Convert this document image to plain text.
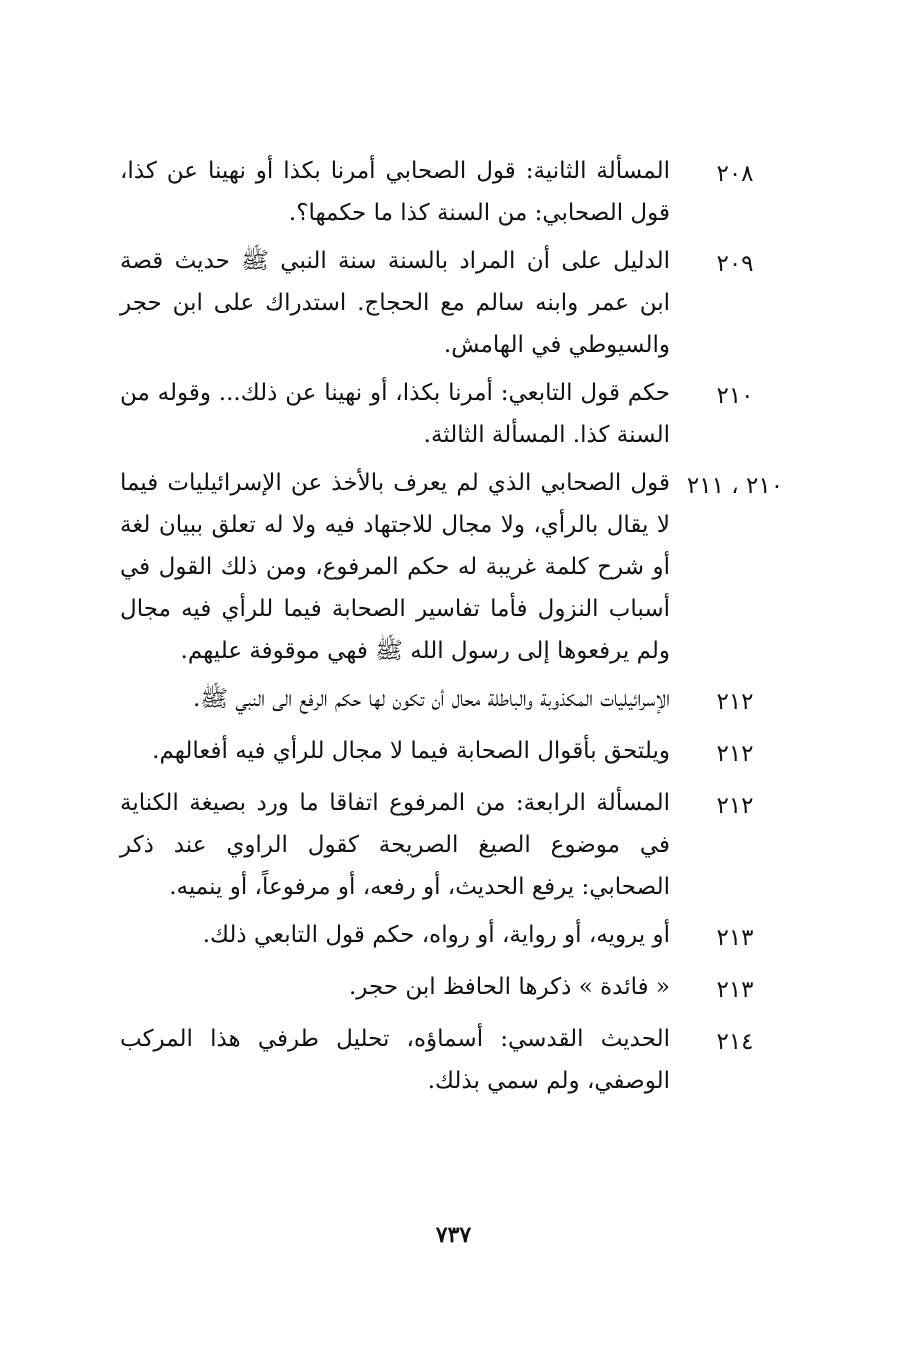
٢٠٨
المسألة الثانية: قول الصحابي أمرنا بكذا أو نهينا عن كذا، قول الصحابي: من السنة كذا ما حكمها؟.
٢٠٩
الدليل على أن المراد بالسنة سنة النبي ﷺ حديث قصة ابن عمر وابنه سالم مع الحجاج. استدراك على ابن حجر والسيوطي في الهامش.
٢١٠
حكم قول التابعي: أمرنا بكذا، أو نهينا عن ذلك... وقوله من السنة كذا. المسألة الثالثة.
٢١٠ ، ٢١١
قول الصحابي الذي لم يعرف بالأخذ عن الإسرائيليات فيما لا يقال بالرأي، ولا مجال للاجتهاد فيه ولا له تعلق ببيان لغة أو شرح كلمة غريبة له حكم المرفوع، ومن ذلك القول في أسباب النزول فأما تفاسير الصحابة فيما للرأي فيه مجال ولم يرفعوها إلى رسول الله ﷺ فهي موقوفة عليهم.
٢١٢
الإسرائيليات المكذوبة والباطلة محال أن تكون لها حكم الرفع الى النبي ﷺ.
٢١٢
ويلتحق بأقوال الصحابة فيما لا مجال للرأي فيه أفعالهم.
٢١٢
المسألة الرابعة: من المرفوع اتفاقا ما ورد بصيغة الكناية في موضوع الصيغ الصريحة كقول الراوي عند ذكر الصحابي: يرفع الحديث، أو رفعه، أو مرفوعاً، أو ينميه.
٢١٣
أو يرويه، أو رواية، أو رواه، حكم قول التابعي ذلك.
٢١٣
« فائدة » ذكرها الحافظ ابن حجر.
٢١٤
الحديث القدسي: أسماؤه، تحليل طرفي هذا المركب الوصفي، ولم سمي بذلك.
٧٣٧
